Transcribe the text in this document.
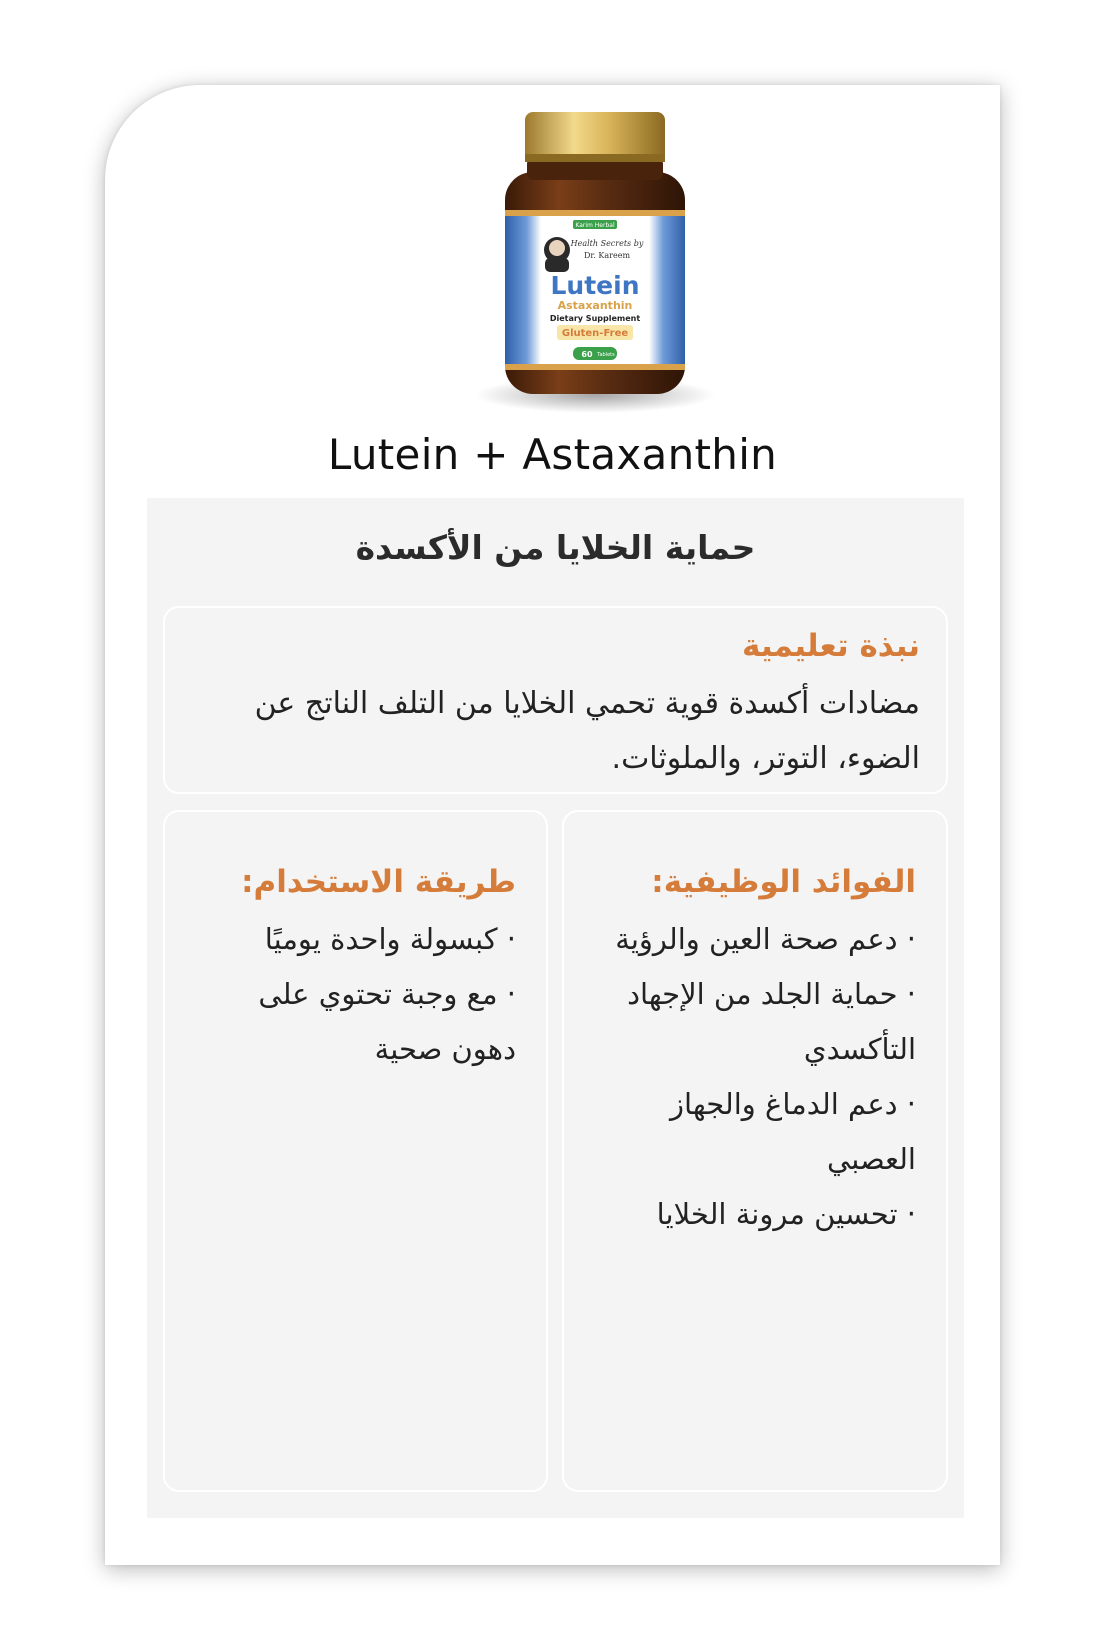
Karim Herbal
Health Secrets by
Dr. Kareem
Lutein
Astaxanthin
Dietary Supplement
Gluten-Free
60 Tablets
Lutein + Astaxanthin
حماية الخلايا من الأكسدة
نبذة تعليمية

مضادات أكسدة قوية تحمي الخلايا من التلف الناتج عن الضوء، التوتر، والملوثات.

الفوائد الوظيفية:
· دعم صحة العين والرؤية
· حماية الجلد من الإجهاد التأكسدي
· دعم الدماغ والجهاز العصبي
· تحسين مرونة الخلايا
طريقة الاستخدام:
· كبسولة واحدة يوميًا
· مع وجبة تحتوي على دهون صحية
